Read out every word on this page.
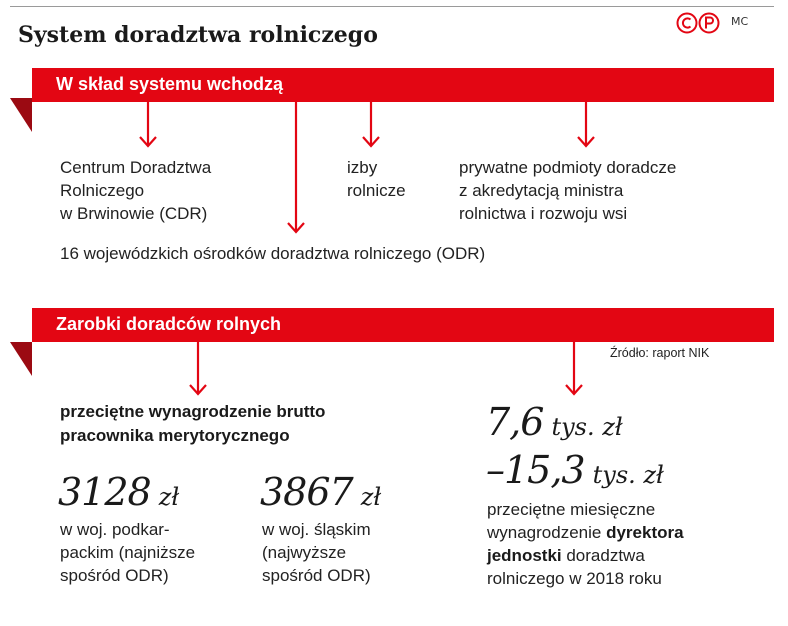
System doradztwa rolniczego
MC
W skład systemu wchodzą
Zarobki doradców rolnych
Centrum Doradztwa
Rolniczego
w Brwinowie (CDR)
izby
rolnicze
prywatne podmioty doradcze
z akredytacją ministra
rolnictwa i rozwoju wsi
16 wojewódzkich ośrodków doradztwa rolniczego (ODR)
Źródło: raport NIK
przeciętne wynagrodzenie brutto
pracownika merytorycznego
3128 zł
w woj. podkar-
packim (najniższe
spośród ODR)
3867 zł
w woj. śląskim
(najwyższe
spośród ODR)
7,6 tys. zł
–15,3 tys. zł
przeciętne miesięczne
wynagrodzenie dyrektora
jednostki doradztwa
rolniczego w 2018 roku
